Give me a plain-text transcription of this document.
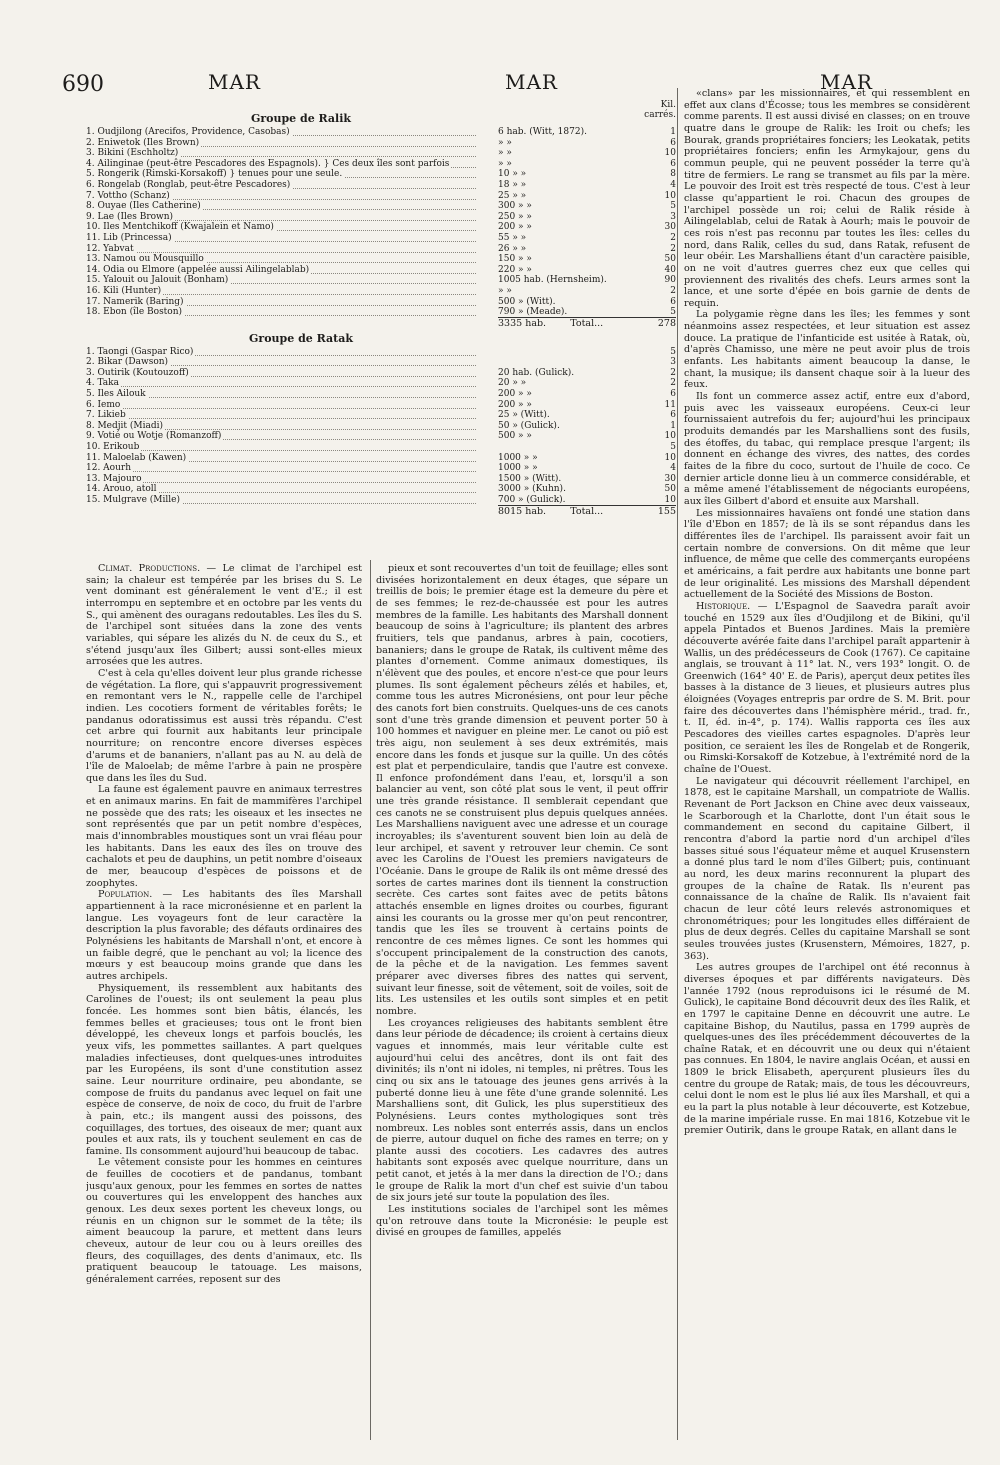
690	MAR	MAR	MAR
Kil. carrés.
Groupe de Ralik
1. Oudjilong (Arecifos, Providence, Casobas)	6 hab. (Witt, 1872).	1
2. Eniwetok (Iles Brown)	» »	6
3. Bikini (Eschholtz)	» »	10
4. Ailinginae (peut-être Pescadores des Espagnols). } Ces deux îles sont parfois	» »	6
5. Rongerik (Rimski-Korsakoff) } tenues pour une seule.	10 » »	8
6. Rongelab (Ronglab, peut-être Pescadores)	18 » »	4
7. Vottho (Schanz)	25 » »	10
8. Ouyae (Iles Catherine)	300 » »	5
9. Lae (Iles Brown)	250 » »	3
10. Iles Mentchikoff (Kwajalein et Namo)	200 » »	30
11. Lib (Princessa)	55 » »	2
12. Yabvat	26 » »	2
13. Namou ou Mousquillo	150 » »	50
14. Odia ou Elmore (appelée aussi Ailingelablab)	220 » »	40
15. Yalouit ou Jalouit (Bonham)	1005 hab. (Hernsheim).	90
16. Kili (Hunter)	» »	2
17. Namerik (Baring)	500 » (Witt).	6
18. Ebon (île Boston)	790 » (Meade).	5
3335 hab.	Total...	278
Groupe de Ratak
1. Taongi (Gaspar Rico)	5
2. Bikar (Dawson)	3
3. Outirik (Koutouzoff)	20 hab. (Gulick).	2
4. Taka	20 » »	2
5. Iles Ailouk	200 » »	6
6. Iemo	200 » »	11
7. Likieb	25 » (Witt).	6
8. Medjit (Miadi)	50 » (Gulick).	1
9. Votié ou Wotje (Romanzoff)	500 » »	10
10. Erikoub	5
11. Maloelab (Kawen)	1000 » »	10
12. Aourh	1000 » »	4
13. Majouro	1500 » (Witt).	30
14. Arouo, atoll	3000 » (Kuhn).	50
15. Mulgrave (Mille)	700 » (Gulick).	10
8015 hab.	Total...	155

Climat. Productions. — Le climat de l'archipel est sain; la chaleur est tempérée par les brises du S. Le vent dominant est généralement le vent d'E.; il est interrompu en septembre et en octobre par les vents du S., qui amènent des ouragans redoutables. Les îles du S. de l'archipel sont situées dans la zone des vents variables, qui sépare les alizés du N. de ceux du S., et s'étend jusqu'aux îles Gilbert; aussi sont-elles mieux arrosées que les autres.

C'est à cela qu'elles doivent leur plus grande richesse de végétation. La flore, qui s'appauvrit progressivement en remontant vers le N., rappelle celle de l'archipel indien. Les cocotiers forment de véritables forêts; le pandanus odoratissimus est aussi très répandu. C'est cet arbre qui fournit aux habitants leur principale nourriture; on rencontre encore diverses espèces d'arums et de bananiers, n'allant pas au N. au delà de l'île de Maloelab; de même l'arbre à pain ne prospère que dans les îles du Sud.

La faune est également pauvre en animaux terrestres et en animaux marins. En fait de mammifères l'archipel ne possède que des rats; les oiseaux et les insectes ne sont représentés que par un petit nombre d'espèces, mais d'innombrables moustiques sont un vrai fléau pour les habitants. Dans les eaux des îles on trouve des cachalots et peu de dauphins, un petit nombre d'oiseaux de mer, beaucoup d'espèces de poissons et de zoophytes.

Population. — Les habitants des îles Marshall appartiennent à la race micronésienne et en parlent la langue. Les voyageurs font de leur caractère la description la plus favorable; des défauts ordinaires des Polynésiens les habitants de Marshall n'ont, et encore à un faible degré, que le penchant au vol; la licence des mœurs y est beaucoup moins grande que dans les autres archipels.

Physiquement, ils ressemblent aux habitants des Carolines de l'ouest; ils ont seulement la peau plus foncée. Les hommes sont bien bâtis, élancés, les femmes belles et gracieuses; tous ont le front bien développé, les cheveux longs et parfois bouclés, les yeux vifs, les pommettes saillantes. A part quelques maladies infectieuses, dont quelques-unes introduites par les Européens, ils sont d'une constitution assez saine. Leur nourriture ordinaire, peu abondante, se compose de fruits du pandanus avec lequel on fait une espèce de conserve, de noix de coco, du fruit de l'arbre à pain, etc.; ils mangent aussi des poissons, des coquillages, des tortues, des oiseaux de mer; quant aux poules et aux rats, ils y touchent seulement en cas de famine. Ils consomment aujourd'hui beaucoup de tabac.

Le vêtement consiste pour les hommes en ceintures de feuilles de cocotiers et de pandanus, tombant jusqu'aux genoux, pour les femmes en sortes de nattes ou couvertures qui les enveloppent des hanches aux genoux. Les deux sexes portent les cheveux longs, ou réunis en un chignon sur le sommet de la tête; ils aiment beaucoup la parure, et mettent dans leurs cheveux, autour de leur cou ou à leurs oreilles des fleurs, des coquillages, des dents d'animaux, etc. Ils pratiquent beaucoup le tatouage. Les maisons, généralement carrées, reposent sur des

pieux et sont recouvertes d'un toit de feuillage; elles sont divisées horizontalement en deux étages, que sépare un treillis de bois; le premier étage est la demeure du père et de ses femmes; le rez-de-chaussée est pour les autres membres de la famille. Les habitants des Marshall donnent beaucoup de soins à l'agriculture; ils plantent des arbres fruitiers, tels que pandanus, arbres à pain, cocotiers, bananiers; dans le groupe de Ratak, ils cultivent même des plantes d'ornement. Comme animaux domestiques, ils n'élèvent que des poules, et encore n'est-ce que pour leurs plumes. Ils sont également pêcheurs zélés et habiles, et, comme tous les autres Micronésiens, ont pour leur pêche des canots fort bien construits. Quelques-uns de ces canots sont d'une très grande dimension et peuvent porter 50 à 100 hommes et naviguer en pleine mer. Le canot ou piô est très aigu, non seulement à ses deux extrémités, mais encore dans les fonds et jusque sur la quille. Un des côtés est plat et perpendiculaire, tandis que l'autre est convexe. Il enfonce profondément dans l'eau, et, lorsqu'il a son balancier au vent, son côté plat sous le vent, il peut offrir une très grande résistance. Il semblerait cependant que ces canots ne se construisent plus depuis quelques années. Les Marshalliens naviguent avec une adresse et un courage incroyables; ils s'aventurent souvent bien loin au delà de leur archipel, et savent y retrouver leur chemin. Ce sont avec les Carolins de l'Ouest les premiers navigateurs de l'Océanie. Dans le groupe de Ralik ils ont même dressé des sortes de cartes marines dont ils tiennent la construction secrète. Ces cartes sont faites avec de petits bâtons attachés ensemble en lignes droites ou courbes, figurant ainsi les courants ou la grosse mer qu'on peut rencontrer, tandis que les îles se trouvent à certains points de rencontre de ces mêmes lignes. Ce sont les hommes qui s'occupent principalement de la construction des canots, de la pêche et de la navigation. Les femmes savent préparer avec diverses fibres des nattes qui servent, suivant leur finesse, soit de vêtement, soit de voiles, soit de lits. Les ustensiles et les outils sont simples et en petit nombre.

Les croyances religieuses des habitants semblent être dans leur période de décadence; ils croient à certains dieux vagues et innommés, mais leur véritable culte est aujourd'hui celui des ancêtres, dont ils ont fait des divinités; ils n'ont ni idoles, ni temples, ni prêtres. Tous les cinq ou six ans le tatouage des jeunes gens arrivés à la puberté donne lieu à une fête d'une grande solennité. Les Marshalliens sont, dit Gulick, les plus superstitieux des Polynésiens. Leurs contes mythologiques sont très nombreux. Les nobles sont enterrés assis, dans un enclos de pierre, autour duquel on fiche des rames en terre; on y plante aussi des cocotiers. Les cadavres des autres habitants sont exposés avec quelque nourriture, dans un petit canot, et jetés à la mer dans la direction de l'O.; dans le groupe de Ralik la mort d'un chef est suivie d'un tabou de six jours jeté sur toute la population des îles.

Les institutions sociales de l'archipel sont les mêmes qu'on retrouve dans toute la Micronésie: le peuple est divisé en groupes de familles, appelés

«clans» par les missionnaires, et qui ressemblent en effet aux clans d'Écosse; tous les membres se considèrent comme parents. Il est aussi divisé en classes; on en trouve quatre dans le groupe de Ralik: les Iroit ou chefs; les Bourak, grands propriétaires fonciers; les Leokatak, petits propriétaires fonciers; enfin les Armykajour, gens du commun peuple, qui ne peuvent posséder la terre qu'à titre de fermiers. Le rang se transmet au fils par la mère. Le pouvoir des Iroit est très respecté de tous. C'est à leur classe qu'appartient le roi. Chacun des groupes de l'archipel possède un roi; celui de Ralik réside à Ailingelablab, celui de Ratak à Aourh; mais le pouvoir de ces rois n'est pas reconnu par toutes les îles: celles du nord, dans Ralik, celles du sud, dans Ratak, refusent de leur obéir. Les Marshalliens étant d'un caractère paisible, on ne voit d'autres guerres chez eux que celles qui proviennent des rivalités des chefs. Leurs armes sont la lance, et une sorte d'épée en bois garnie de dents de requin.

La polygamie règne dans les îles; les femmes y sont néanmoins assez respectées, et leur situation est assez douce. La pratique de l'infanticide est usitée à Ratak, où, d'après Chamisso, une mère ne peut avoir plus de trois enfants. Les habitants aiment beaucoup la danse, le chant, la musique; ils dansent chaque soir à la lueur des feux.

Ils font un commerce assez actif, entre eux d'abord, puis avec les vaisseaux européens. Ceux-ci leur fournissaient autrefois du fer; aujourd'hui les principaux produits demandés par les Marshalliens sont des fusils, des étoffes, du tabac, qui remplace presque l'argent; ils donnent en échange des vivres, des nattes, des cordes faites de la fibre du coco, surtout de l'huile de coco. Ce dernier article donne lieu à un commerce considérable, et a même amené l'établissement de négociants européens, aux îles Gilbert d'abord et ensuite aux Marshall.

Les missionnaires havaïens ont fondé une station dans l'île d'Ebon en 1857; de là ils se sont répandus dans les différentes îles de l'archipel. Ils paraissent avoir fait un certain nombre de conversions. On dit même que leur influence, de même que celle des commerçants européens et américains, a fait perdre aux habitants une bonne part de leur originalité. Les missions des Marshall dépendent actuellement de la Société des Missions de Boston.

Historique. — L'Espagnol de Saavedra paraît avoir touché en 1529 aux îles d'Oudjilong et de Bikini, qu'il appela Pintados et Buenos Jardines. Mais la première découverte avérée faite dans l'archipel paraît appartenir à Wallis, un des prédécesseurs de Cook (1767). Ce capitaine anglais, se trouvant à 11° lat. N., vers 193° longit. O. de Greenwich (164° 40' E. de Paris), aperçut deux petites îles basses à la distance de 3 lieues, et plusieurs autres plus éloignées (Voyages entrepris par ordre de S. M. Brit. pour faire des découvertes dans l'hémisphère mérid., trad. fr., t. II, éd. in-4°, p. 174). Wallis rapporta ces îles aux Pescadores des vieilles cartes espagnoles. D'après leur position, ce seraient les îles de Rongelab et de Rongerik, ou Rimski-Korsakoff de Kotzebue, à l'extrémité nord de la chaîne de l'Ouest.

Le navigateur qui découvrit réellement l'archipel, en 1878, est le capitaine Marshall, un compatriote de Wallis. Revenant de Port Jackson en Chine avec deux vaisseaux, le Scarborough et la Charlotte, dont l'un était sous le commandement en second du capitaine Gilbert, il rencontra d'abord la partie nord d'un archipel d'îles basses situé sous l'équateur même et auquel Krusenstern a donné plus tard le nom d'îles Gilbert; puis, continuant au nord, les deux marins reconnurent la plupart des groupes de la chaîne de Ratak. Ils n'eurent pas connaissance de la chaîne de Ralik. Ils n'avaient fait chacun de leur côté leurs relevés astronomiques et chronométriques; pour les longitudes elles différaient de plus de deux degrés. Celles du capitaine Marshall se sont seules trouvées justes (Krusenstern, Mémoires, 1827, p. 363).

Les autres groupes de l'archipel ont été reconnus à diverses époques et par différents navigateurs. Dès l'année 1792 (nous reproduisons ici le résumé de M. Gulick), le capitaine Bond découvrit deux des îles Ralik, et en 1797 le capitaine Denne en découvrit une autre. Le capitaine Bishop, du Nautilus, passa en 1799 auprès de quelques-unes des îles précédemment découvertes de la chaîne Ratak, et en découvrit une ou deux qui n'étaient pas connues. En 1804, le navire anglais Océan, et aussi en 1809 le brick Elisabeth, aperçurent plusieurs îles du centre du groupe de Ratak; mais, de tous les découvreurs, celui dont le nom est le plus lié aux îles Marshall, et qui a eu la part la plus notable à leur découverte, est Kotzebue, de la marine impériale russe. En mai 1816, Kotzebue vit le premier Outirik, dans le groupe Ratak, en allant dans le
